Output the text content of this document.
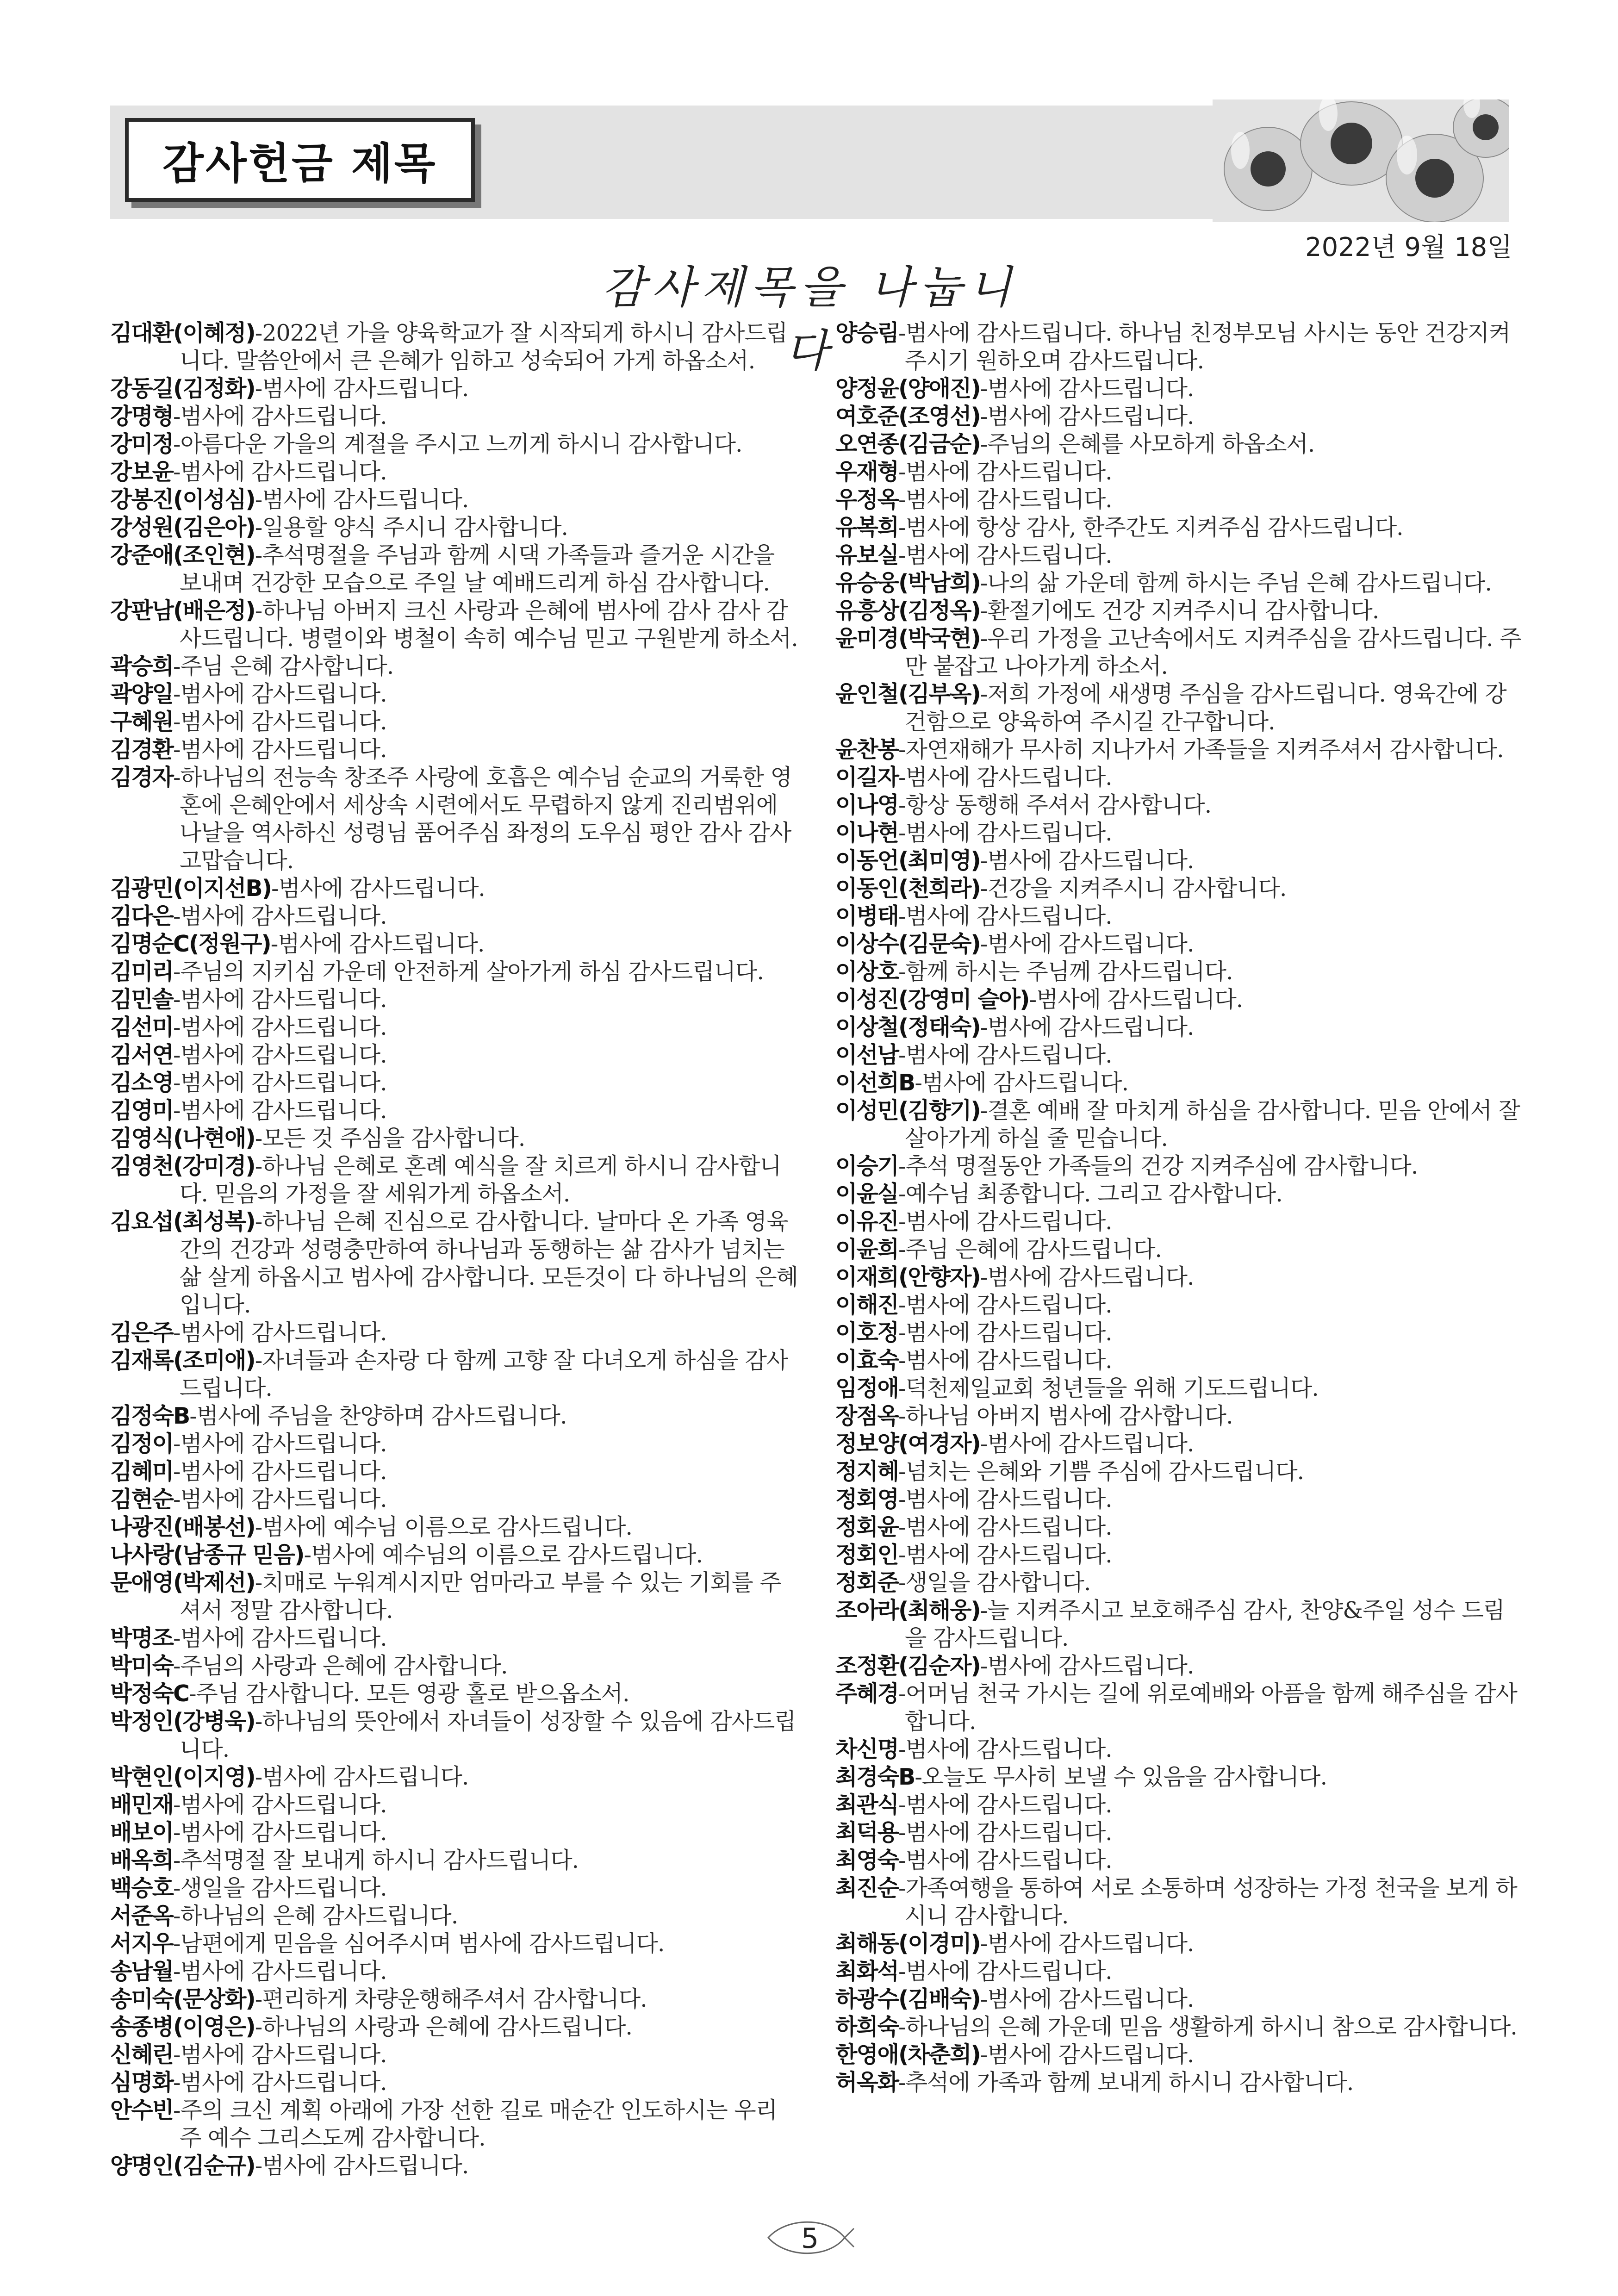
감사헌금 제목
2022년 9월 18일
감사제목을 나눕니다

김대환(이혜정)-2022년 가을 양육학교가 잘 시작되게 하시니 감사드립니다. 말씀안에서 큰 은혜가 임하고 성숙되어 가게 하옵소서.

강동길(김정화)-범사에 감사드립니다.

강명형-범사에 감사드립니다.

강미정-아름다운 가을의 계절을 주시고 느끼게 하시니 감사합니다.

강보윤-범사에 감사드립니다.

강봉진(이성심)-범사에 감사드립니다.

강성원(김은아)-일용할 양식 주시니 감사합니다.

강준애(조인현)-추석명절을 주님과 함께 시댁 가족들과 즐거운 시간을 보내며 건강한 모습으로 주일 날 예배드리게 하심 감사합니다.

강판남(배은정)-하나님 아버지 크신 사랑과 은혜에 범사에 감사 감사 감사드립니다. 병렬이와 병철이 속히 예수님 믿고 구원받게 하소서.

곽승희-주님 은혜 감사합니다.

곽양일-범사에 감사드립니다.

구혜원-범사에 감사드립니다.

김경환-범사에 감사드립니다.

김경자-하나님의 전능속 창조주 사랑에 호흡은 예수님 순교의 거룩한 영혼에 은혜안에서 세상속 시련에서도 무렵하지 않게 진리범위에 나날을 역사하신 성령님 품어주심 좌정의 도우심 평안 감사 감사 고맙습니다.

김광민(이지선B)-범사에 감사드립니다.

김다은-범사에 감사드립니다.

김명순C(정원구)-범사에 감사드립니다.

김미리-주님의 지키심 가운데 안전하게 살아가게 하심 감사드립니다.

김민솔-범사에 감사드립니다.

김선미-범사에 감사드립니다.

김서연-범사에 감사드립니다.

김소영-범사에 감사드립니다.

김영미-범사에 감사드립니다.

김영식(나현애)-모든 것 주심을 감사합니다.

김영천(강미경)-하나님 은혜로 혼례 예식을 잘 치르게 하시니 감사합니다. 믿음의 가정을 잘 세워가게 하옵소서.

김요섭(최성복)-하나님 은혜 진심으로 감사합니다. 날마다 온 가족 영육간의 건강과 성령충만하여 하나님과 동행하는 삶 감사가 넘치는 삶 살게 하옵시고 범사에 감사합니다. 모든것이 다 하나님의 은혜입니다.

김은주-범사에 감사드립니다.

김재록(조미애)-자녀들과 손자랑 다 함께 고향 잘 다녀오게 하심을 감사드립니다.

김정숙B-범사에 주님을 찬양하며 감사드립니다.

김정이-범사에 감사드립니다.

김혜미-범사에 감사드립니다.

김현순-범사에 감사드립니다.

나광진(배봉선)-범사에 예수님 이름으로 감사드립니다.

나사랑(남종규 믿음)-범사에 예수님의 이름으로 감사드립니다.

문애영(박제선)-치매로 누워계시지만 엄마라고 부를 수 있는 기회를 주셔서 정말 감사합니다.

박명조-범사에 감사드립니다.

박미숙-주님의 사랑과 은혜에 감사합니다.

박정숙C-주님 감사합니다. 모든 영광 홀로 받으옵소서.

박정인(강병욱)-하나님의 뜻안에서 자녀들이 성장할 수 있음에 감사드립니다.

박현인(이지영)-범사에 감사드립니다.

배민재-범사에 감사드립니다.

배보이-범사에 감사드립니다.

배옥희-추석명절 잘 보내게 하시니 감사드립니다.

백승호-생일을 감사드립니다.

서준옥-하나님의 은혜 감사드립니다.

서지우-남편에게 믿음을 심어주시며 범사에 감사드립니다.

송남월-범사에 감사드립니다.

송미숙(문상화)-편리하게 차량운행해주셔서 감사합니다.

송종병(이영은)-하나님의 사랑과 은혜에 감사드립니다.

신혜린-범사에 감사드립니다.

심명화-범사에 감사드립니다.

안수빈-주의 크신 계획 아래에 가장 선한 길로 매순간 인도하시는 우리 주 예수 그리스도께 감사합니다.

양명인(김순규)-범사에 감사드립니다.

양승림-범사에 감사드립니다. 하나님 친정부모님 사시는 동안 건강지켜 주시기 원하오며 감사드립니다.

양정윤(양애진)-범사에 감사드립니다.

여호준(조영선)-범사에 감사드립니다.

오연종(김금순)-주님의 은혜를 사모하게 하옵소서.

우재형-범사에 감사드립니다.

우정옥-범사에 감사드립니다.

유복희-범사에 항상 감사, 한주간도 지켜주심 감사드립니다.

유보실-범사에 감사드립니다.

유승웅(박남희)-나의 삶 가운데 함께 하시는 주님 은혜 감사드립니다.

유흥상(김정옥)-환절기에도 건강 지켜주시니 감사합니다.

윤미경(박국현)-우리 가정을 고난속에서도 지켜주심을 감사드립니다. 주만 붙잡고 나아가게 하소서.

윤인철(김부옥)-저희 가정에 새생명 주심을 감사드립니다. 영육간에 강건함으로 양육하여 주시길 간구합니다.

윤찬봉-자연재해가 무사히 지나가서 가족들을 지켜주셔서 감사합니다.

이길자-범사에 감사드립니다.

이나영-항상 동행해 주셔서 감사합니다.

이나현-범사에 감사드립니다.

이동언(최미영)-범사에 감사드립니다.

이동인(천희라)-건강을 지켜주시니 감사합니다.

이병태-범사에 감사드립니다.

이상수(김문숙)-범사에 감사드립니다.

이상호-함께 하시는 주님께 감사드립니다.

이성진(강영미 슬아)-범사에 감사드립니다.

이상철(정태숙)-범사에 감사드립니다.

이선남-범사에 감사드립니다.

이선희B-범사에 감사드립니다.

이성민(김향기)-결혼 예배 잘 마치게 하심을 감사합니다. 믿음 안에서 잘 살아가게 하실 줄 믿습니다.

이승기-추석 명절동안 가족들의 건강 지켜주심에 감사합니다.

이윤실-예수님 최종합니다. 그리고 감사합니다.

이유진-범사에 감사드립니다.

이윤희-주님 은혜에 감사드립니다.

이재희(안향자)-범사에 감사드립니다.

이해진-범사에 감사드립니다.

이호정-범사에 감사드립니다.

이효숙-범사에 감사드립니다.

임정애-덕천제일교회 청년들을 위해 기도드립니다.

장점옥-하나님 아버지 범사에 감사합니다.

정보양(여경자)-범사에 감사드립니다.

정지혜-넘치는 은혜와 기쁨 주심에 감사드립니다.

정회영-범사에 감사드립니다.

정회윤-범사에 감사드립니다.

정회인-범사에 감사드립니다.

정회준-생일을 감사합니다.

조아라(최해웅)-늘 지켜주시고 보호해주심 감사, 찬양&주일 성수 드림을 감사드립니다.

조정환(김순자)-범사에 감사드립니다.

주혜경-어머님 천국 가시는 길에 위로예배와 아픔을 함께 해주심을 감사합니다.

차신명-범사에 감사드립니다.

최경숙B-오늘도 무사히 보낼 수 있음을 감사합니다.

최관식-범사에 감사드립니다.

최덕용-범사에 감사드립니다.

최영숙-범사에 감사드립니다.

최진순-가족여행을 통하여 서로 소통하며 성장하는 가정 천국을 보게 하시니 감사합니다.

최해동(이경미)-범사에 감사드립니다.

최화석-범사에 감사드립니다.

하광수(김배숙)-범사에 감사드립니다.

하희숙-하나님의 은혜 가운데 믿음 생활하게 하시니 참으로 감사합니다.

한영애(차춘희)-범사에 감사드립니다.

허옥화-추석에 가족과 함께 보내게 하시니 감사합니다.

5
